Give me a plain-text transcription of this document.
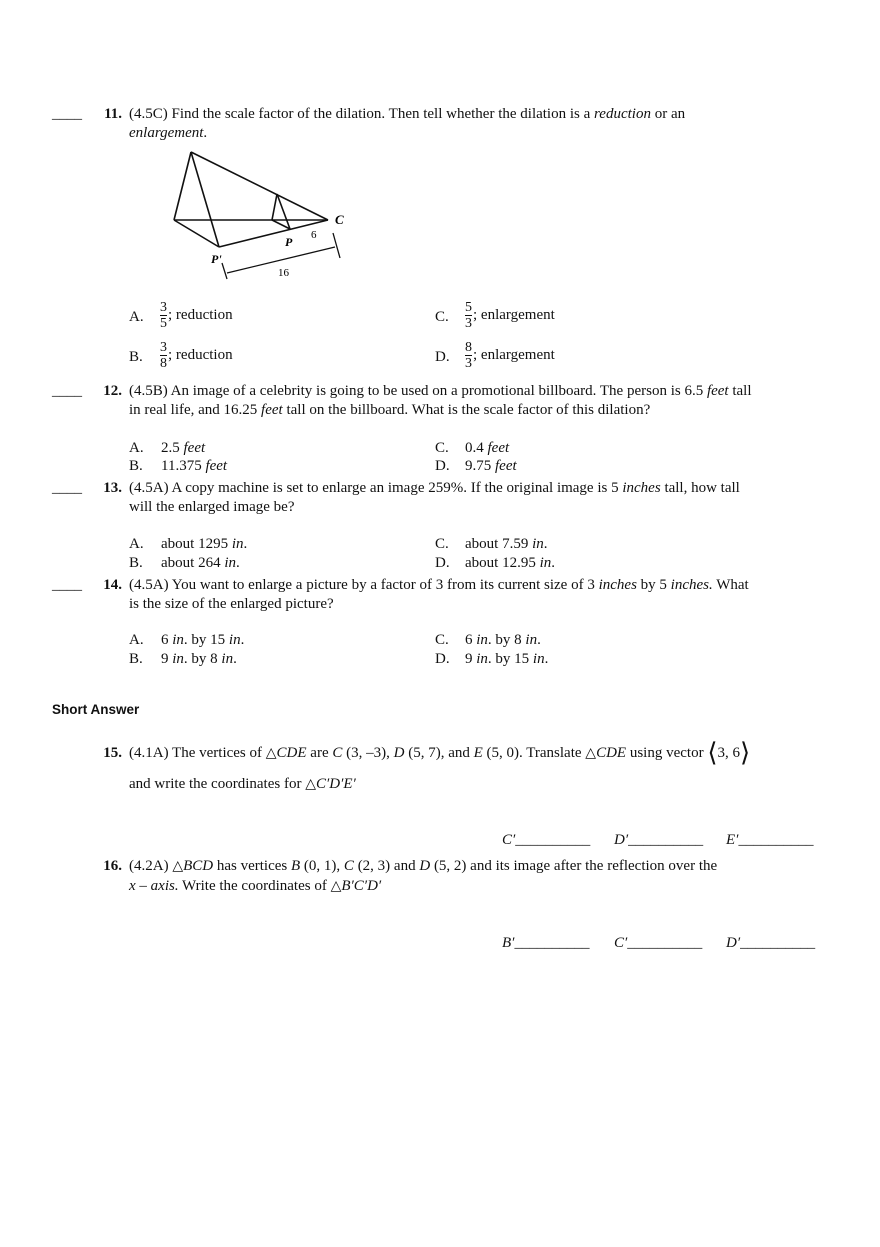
____	11. (4.5C) Find the scale factor of the dilation. Then tell whether the dilation is a reduction or an
enlargement.
C
6
P
P'
16
A. $\frac{3}{5}$ ; reduction
B. $\frac{3}{8}$ ; reduction
C. $\frac{5}{3}$ ; enlargement
D. $\frac{8}{3}$ ; enlargement
____	12. (4.5B) An image of a celebrity is going to be used on a promotional billboard. The person is 6.5 feet tall
in real life, and 16.25 feet tall on the billboard. What is the scale factor of this dilation?
A. 2.5 feet
B. 11.375 feet
C. 0.4 feet
D. 9.75 feet
____	13. (4.5A) A copy machine is set to enlarge an image 259%. If the original image is 5 inches tall, how tall
will the enlarged image be?
A. about 1295 in.
B. about 264 in.
C. about 7.59 in.
D. about 12.95 in.
____	14. (4.5A) You want to enlarge a picture by a factor of 3 from its current size of 3 inches by 5 inches. What
is the size of the enlarged picture?
A. 6 in. by 15 in.
B. 9 in. by 8 in.
C. 6 in. by 8 in.
D. 9 in. by 15 in.
Short Answer
15. (4.1A) The vertices of △CDE are C (3, –3), D (5, 7), and E (5, 0). Translate △CDE using vector ⟨3, 6⟩
and write the coordinates for △C′D′E′
C′__________ D′__________ E′__________
16. (4.2A) △BCD has vertices B (0, 1), C (2, 3) and D (5, 2) and its image after the reflection over the
x – axis. Write the coordinates of △B′C′D′
B′__________ C′__________ D′__________
